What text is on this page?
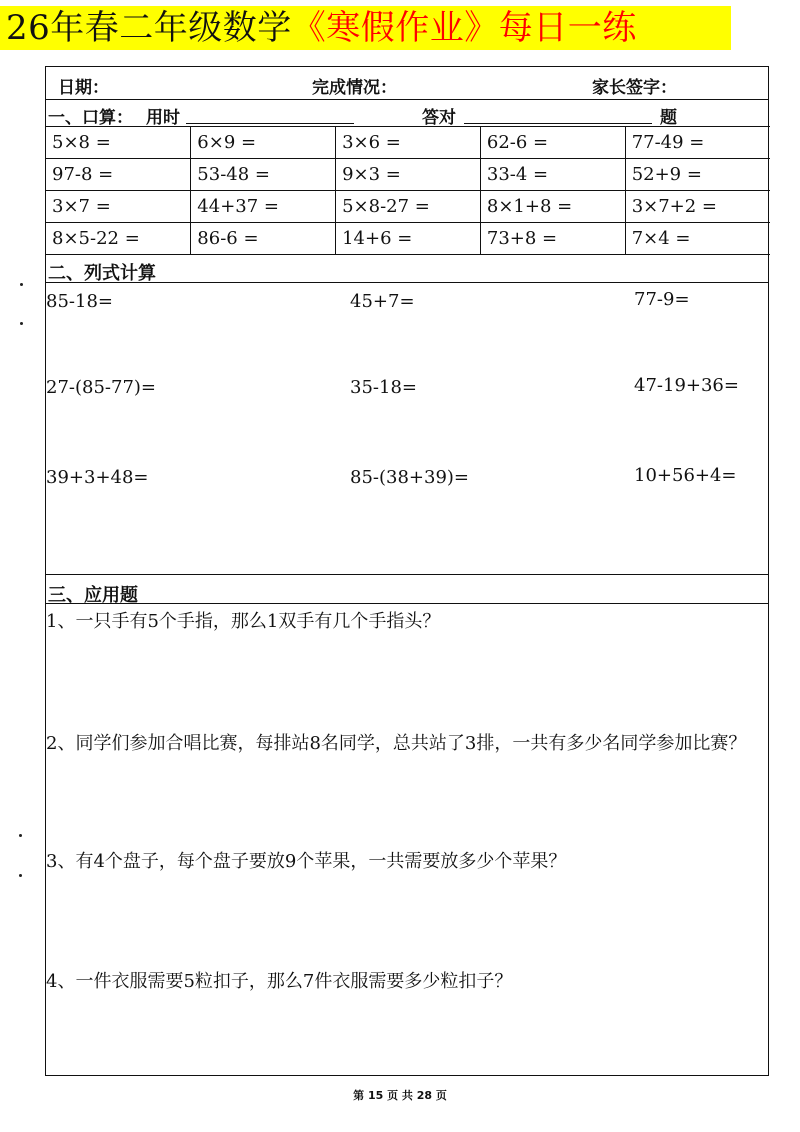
26年春二年级数学《寒假作业》每日一练
日期：	完成情况：	家长签字：
一、口算： 用时	答对	题
5×8 =	6×9 =	3×6 =	62-6 =	77-49 =
97-8 =	53-48 =	9×3 =	33-4 =	52+9 =
3×7 =	44+37 =	5×8-27 =	8×1+8 =	3×7+2 =
8×5-22 =	86-6 =	14+6 =	73+8 =	7×4 =
二、列式计算
85-18=	45+7=	77-9=
27-(85-77)=	35-18=	47-19+36=
39+3+48=	85-(38+39)=	10+56+4=
三、应用题
1、一只手有5个手指，那么1双手有几个手指头？
2、同学们参加合唱比赛，每排站8名同学，总共站了3排，一共有多少名同学参加比赛？
3、有4个盘子，每个盘子要放9个苹果，一共需要放多少个苹果？
4、一件衣服需要5粒扣子，那么7件衣服需要多少粒扣子？
第 15 页 共 28 页
